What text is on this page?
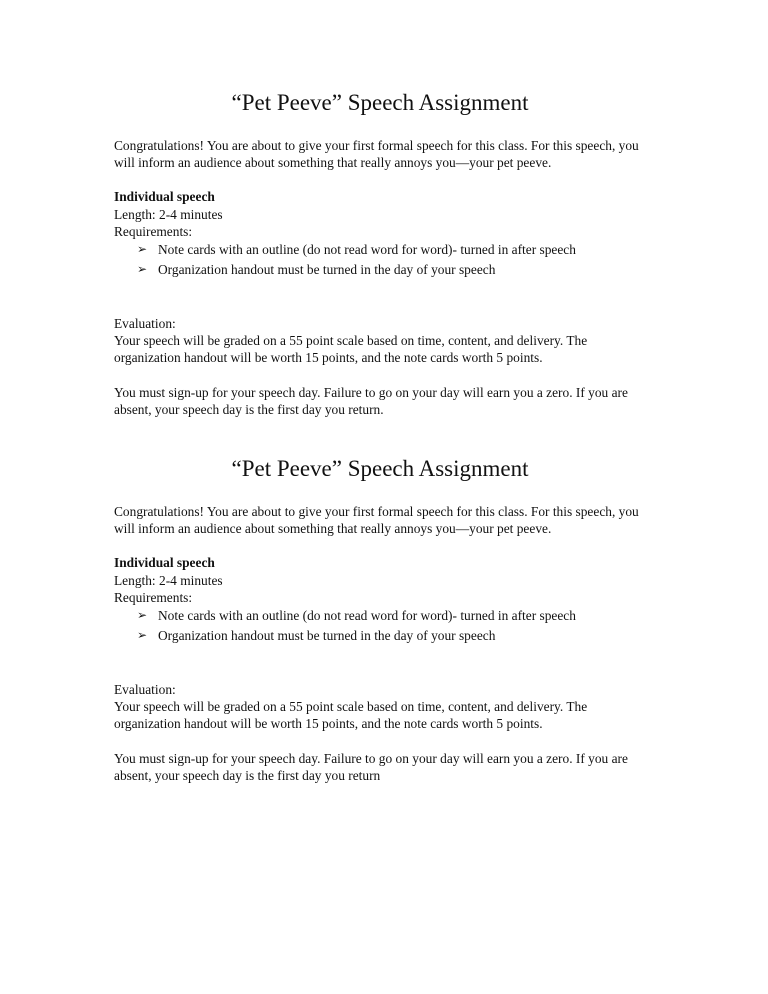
“Pet Peeve” Speech Assignment

Congratulations! You are about to give your first formal speech for this class. For this speech, you will inform an audience about something that really annoys you—your pet peeve.

Individual speech

Length: 2-4 minutes

Requirements:

➢ Note cards with an outline (do not read word for word)- turned in after speech
➢ Organization handout must be turned in the day of your speech

Evaluation:

Your speech will be graded on a 55 point scale based on time, content, and delivery. The organization handout will be worth 15 points, and the note cards worth 5 points.

You must sign-up for your speech day. Failure to go on your day will earn you a zero. If you are absent, your speech day is the first day you return.

“Pet Peeve” Speech Assignment

Congratulations! You are about to give your first formal speech for this class. For this speech, you will inform an audience about something that really annoys you—your pet peeve.

Individual speech

Length: 2-4 minutes

Requirements:

➢ Note cards with an outline (do not read word for word)- turned in after speech
➢ Organization handout must be turned in the day of your speech

Evaluation:

Your speech will be graded on a 55 point scale based on time, content, and delivery. The organization handout will be worth 15 points, and the note cards worth 5 points.

You must sign-up for your speech day. Failure to go on your day will earn you a zero. If you are absent, your speech day is the first day you return
